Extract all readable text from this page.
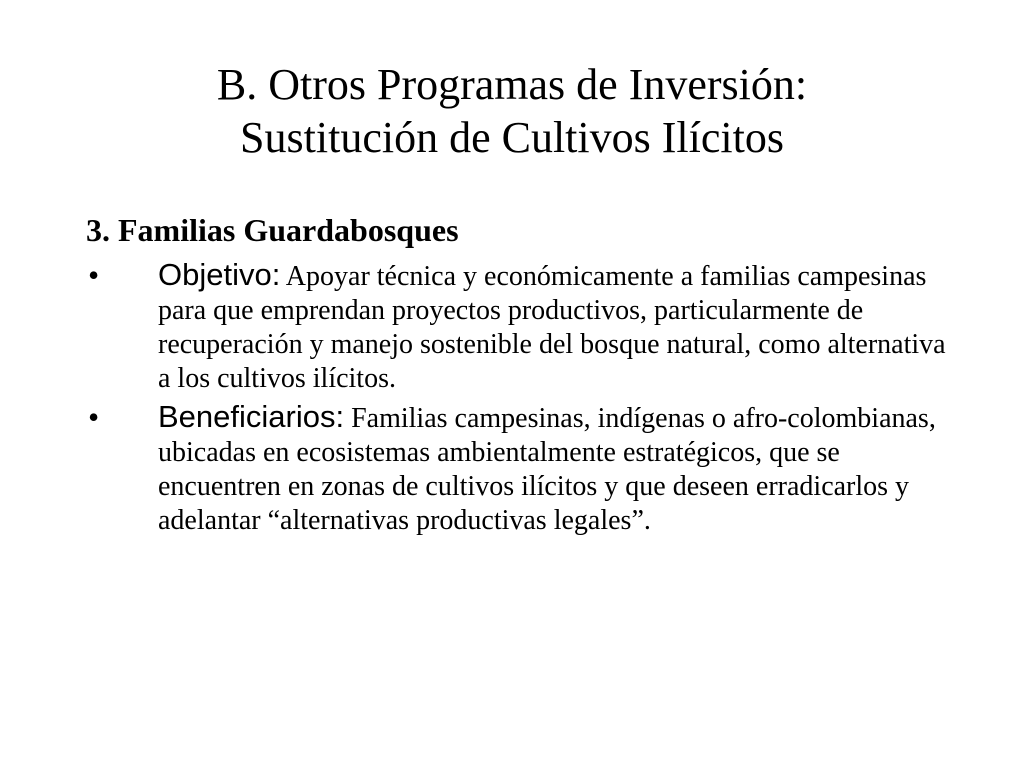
B. Otros Programas de Inversión:
Sustitución de Cultivos Ilícitos
3. Familias Guardabosques
• Objetivo: Apoyar técnica y económicamente a familias campesinas para que emprendan proyectos productivos, particularmente de recuperación y manejo sostenible del bosque natural, como alternativa a los cultivos ilícitos.
• Beneficiarios: Familias campesinas, indígenas o afro-colombianas, ubicadas en ecosistemas ambientalmente estratégicos, que se encuentren en zonas de cultivos ilícitos y que deseen erradicarlos y adelantar “alternativas productivas legales”.
